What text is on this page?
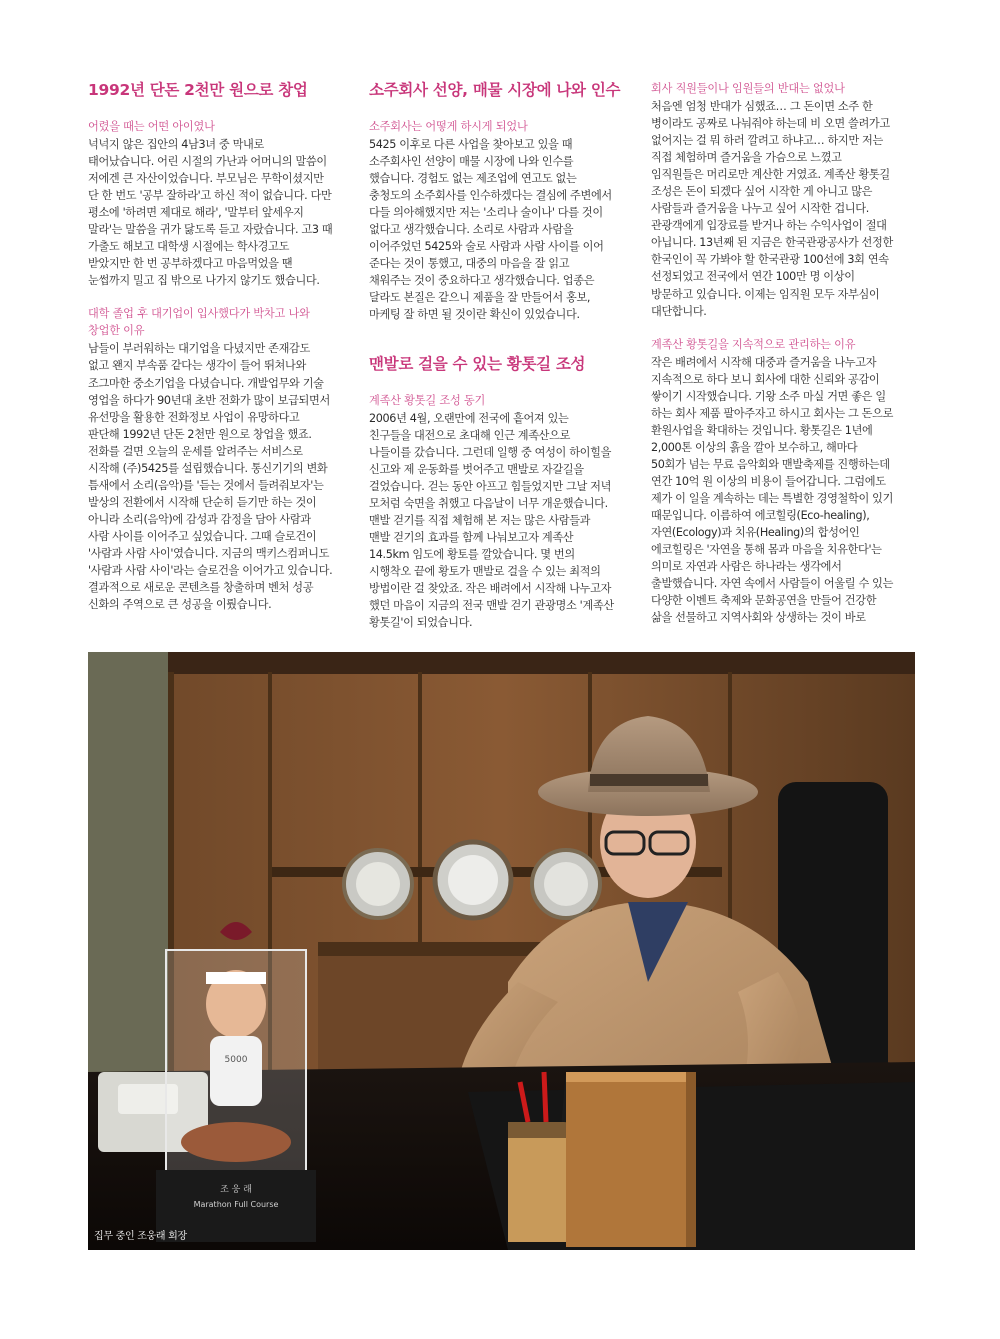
1992년 단돈 2천만 원으로 창업
어렸을 때는 어떤 아이였나

넉넉지 않은 집안의 4남3녀 중 막내로
태어났습니다. 어린 시절의 가난과 어머니의 말씀이
저에겐 큰 자산이었습니다. 부모님은 무학이셨지만
단 한 번도 '공부 잘하라'고 하신 적이 없습니다. 다만
평소에 '하려면 제대로 해라', '말부터 앞세우지
말라'는 말씀을 귀가 닳도록 듣고 자랐습니다. 고3 때
가출도 해보고 대학생 시절에는 학사경고도
받았지만 한 번 공부하겠다고 마음먹었을 땐
눈썹까지 밀고 집 밖으로 나가지 않기도 했습니다.

대학 졸업 후 대기업이 입사했다가 박차고 나와
창업한 이유

남들이 부러워하는 대기업을 다녔지만 존재감도
없고 왠지 부속품 같다는 생각이 들어 뛰쳐나와
조그마한 중소기업을 다녔습니다. 개발업무와 기술
영업을 하다가 90년대 초반 전화가 많이 보급되면서
유선망을 활용한 전화정보 사업이 유망하다고
판단해 1992년 단돈 2천만 원으로 창업을 했죠.
전화를 걸면 오늘의 운세를 알려주는 서비스로
시작해 (주)5425를 설립했습니다. 통신기기의 변화
틈새에서 소리(음악)를 '듣는 것에서 들려줘보자'는
발상의 전환에서 시작해 단순히 듣기만 하는 것이
아니라 소리(음악)에 감성과 감정을 담아 사람과
사람 사이를 이어주고 싶었습니다. 그때 슬로건이
'사람과 사람 사이'였습니다. 지금의 맥키스컴퍼니도
'사람과 사람 사이'라는 슬로건을 이어가고 있습니다.
결과적으로 새로운 콘텐츠를 창출하며 벤처 성공
신화의 주역으로 큰 성공을 이뤘습니다.

소주회사 선양, 매물 시장에 나와 인수
소주회사는 어떻게 하시게 되었나

5425 이후로 다른 사업을 찾아보고 있을 때
소주회사인 선양이 매물 시장에 나와 인수를
했습니다. 경험도 없는 제조업에 연고도 없는
충청도의 소주회사를 인수하겠다는 결심에 주변에서
다들 의아해했지만 저는 '소리나 술이나' 다를 것이
없다고 생각했습니다. 소리로 사람과 사람을
이어주었던 5425와 술로 사람과 사람 사이를 이어
준다는 것이 통했고, 대중의 마음을 잘 읽고
채워주는 것이 중요하다고 생각했습니다. 업종은
달라도 본질은 같으니 제품을 잘 만들어서 홍보,
마케팅 잘 하면 될 것이란 확신이 있었습니다.

맨발로 걸을 수 있는 황톳길 조성
계족산 황톳길 조성 동기

2006년 4월, 오랜만에 전국에 흩어져 있는
친구들을 대전으로 초대해 인근 계족산으로
나들이를 갔습니다. 그런데 일행 중 여성이 하이힐을
신고와 제 운동화를 벗어주고 맨발로 자갈길을
걸었습니다. 걷는 동안 아프고 힘들었지만 그날 저녁
모처럼 숙면을 취했고 다음날이 너무 개운했습니다.
맨발 걷기를 직접 체험해 본 저는 많은 사람들과
맨발 걷기의 효과를 함께 나눠보고자 계족산
14.5km 임도에 황토를 깔았습니다. 몇 번의
시행착오 끝에 황토가 맨발로 걸을 수 있는 최적의
방법이란 걸 찾았죠. 작은 배려에서 시작해 나누고자
했던 마음이 지금의 전국 맨발 걷기 관광명소 '계족산
황톳길'이 되었습니다.

회사 직원들이나 임원들의 반대는 없었나

처음엔 엄청 반대가 심했죠… 그 돈이면 소주 한
병이라도 공짜로 나눠줘야 하는데 비 오면 쓸려가고
없어지는 걸 뭐 하러 깔려고 하냐고… 하지만 저는
직접 체험하며 즐거움을 가슴으로 느꼈고
임직원들은 머리로만 계산한 거였죠. 계족산 황톳길
조성은 돈이 되겠다 싶어 시작한 게 아니고 많은
사람들과 즐거움을 나누고 싶어 시작한 겁니다.
관광객에게 입장료를 받거나 하는 수익사업이 절대
아닙니다. 13년째 된 지금은 한국관광공사가 선정한
한국인이 꼭 가봐야 할 한국관광 100선에 3회 연속
선정되었고 전국에서 연간 100만 명 이상이
방문하고 있습니다. 이제는 임직원 모두 자부심이
대단합니다.

계족산 황톳길을 지속적으로 관리하는 이유

작은 배려에서 시작해 대중과 즐거움을 나누고자
지속적으로 하다 보니 회사에 대한 신뢰와 공감이
쌓이기 시작했습니다. 기왕 소주 마실 거면 좋은 일
하는 회사 제품 팔아주자고 하시고 회사는 그 돈으로
환원사업을 확대하는 것입니다. 황톳길은 1년에
2,000톤 이상의 흙을 깔아 보수하고, 해마다
50회가 넘는 무료 음악회와 맨발축제를 진행하는데
연간 10억 원 이상의 비용이 들어갑니다. 그럼에도
제가 이 일을 계속하는 데는 특별한 경영철학이 있기
때문입니다. 이름하여 에코힐링(Eco-healing),
자연(Ecology)과 치유(Healing)의 합성어인
에코힐링은 '자연을 통해 몸과 마음을 치유한다'는
의미로 자연과 사람은 하나라는 생각에서
출발했습니다. 자연 속에서 사람들이 어울릴 수 있는
다양한 이벤트 축제와 문화공연을 만들어 건강한
삶을 선물하고 지역사회와 상생하는 것이 바로

조 웅 래
Marathon Full Course
5000
집무 중인 조웅래 회장
